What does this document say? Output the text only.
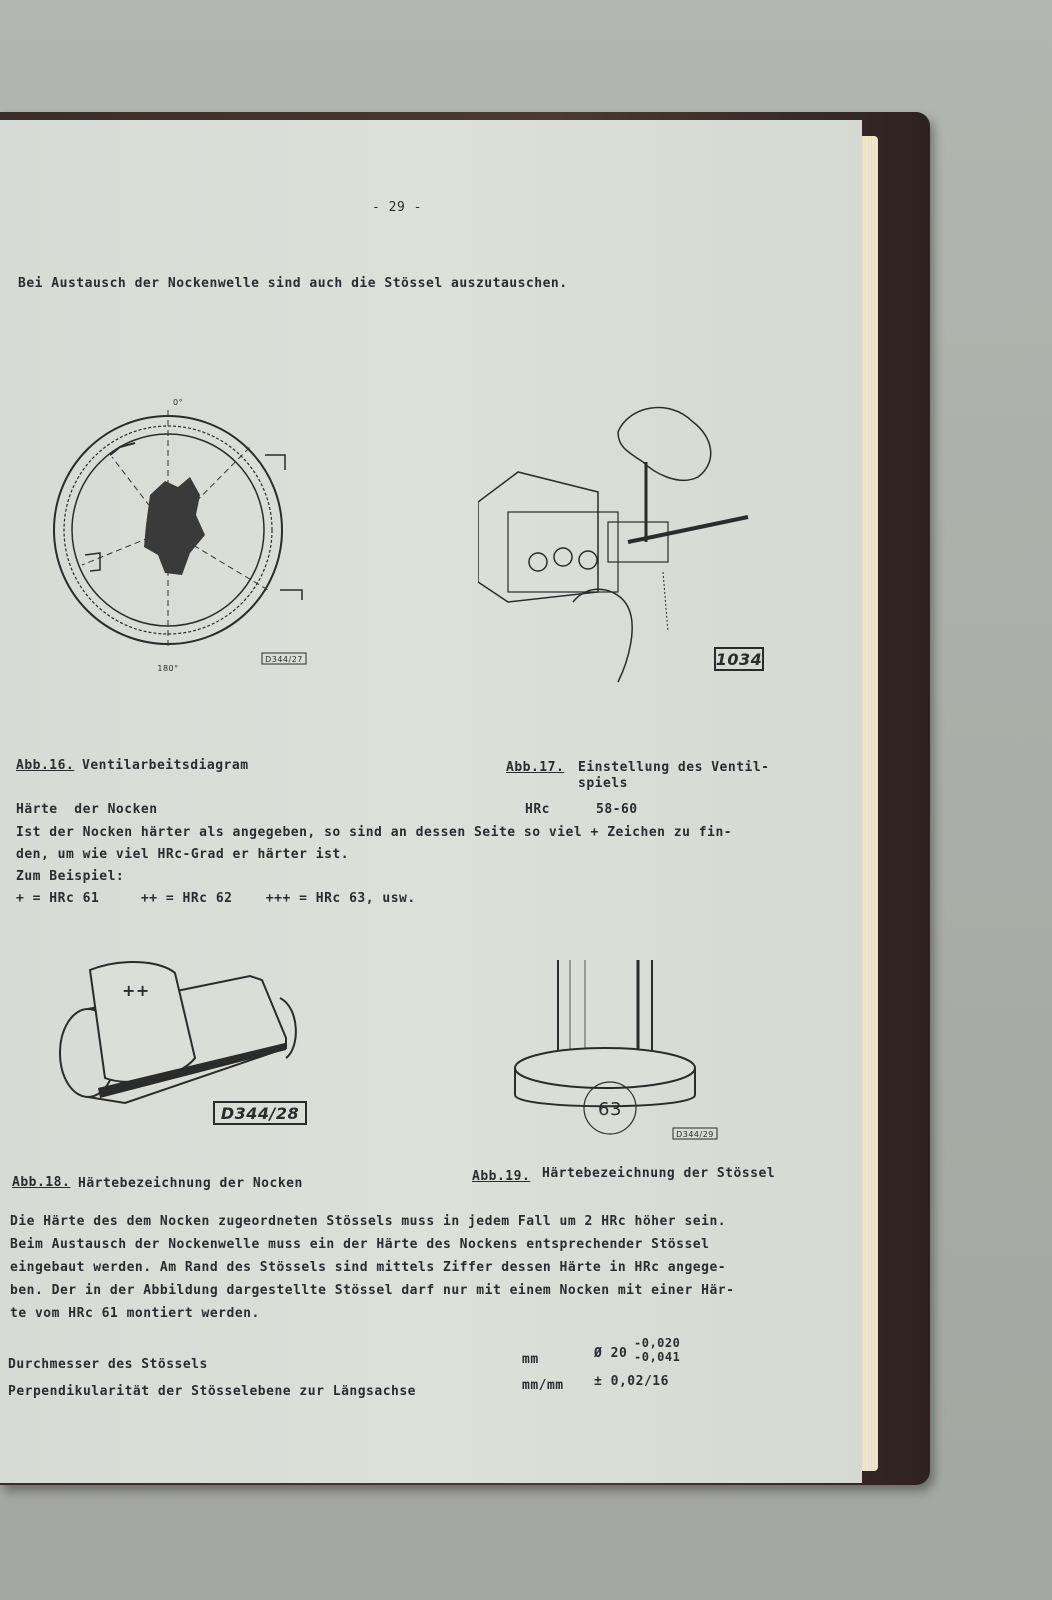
- 29 -
Bei Austausch der Nockenwelle sind auch die Stössel auszutauschen.
D344/27
0°
180°	1034
Abb.16. Ventilarbeitsdiagram	Abb.17. Einstellung des Ventil-
spiels
Härte  der Nocken	HRc	58-60
Ist der Nocken härter als angegeben, so sind an dessen Seite so viel + Zeichen zu fin-
den, um wie viel HRc-Grad er härter ist.
Zum Beispiel:
+ = HRc 61     ++ = HRc 62    +++ = HRc 63, usw.
++
D344/28	63
D344/29
Abb.18. Härtebezeichnung der Nocken	Abb.19. Härtebezeichnung der Stössel
Die Härte des dem Nocken zugeordneten Stössels muss in jedem Fall um 2 HRc höher sein.
Beim Austausch der Nockenwelle muss ein der Härte des Nockens entsprechender Stössel
eingebaut werden. Am Rand des Stössels sind mittels Ziffer dessen Härte in HRc angege-
ben. Der in der Abbildung dargestellte Stössel darf nur mit einem Nocken mit einer Här-
te vom HRc 61 montiert werden.
Durchmesser des Stössels	mm	Ø 20
-0,020
-0,041
Perpendikularität der Stösselebene zur Längsachse	mm/mm ± 0,02/16
